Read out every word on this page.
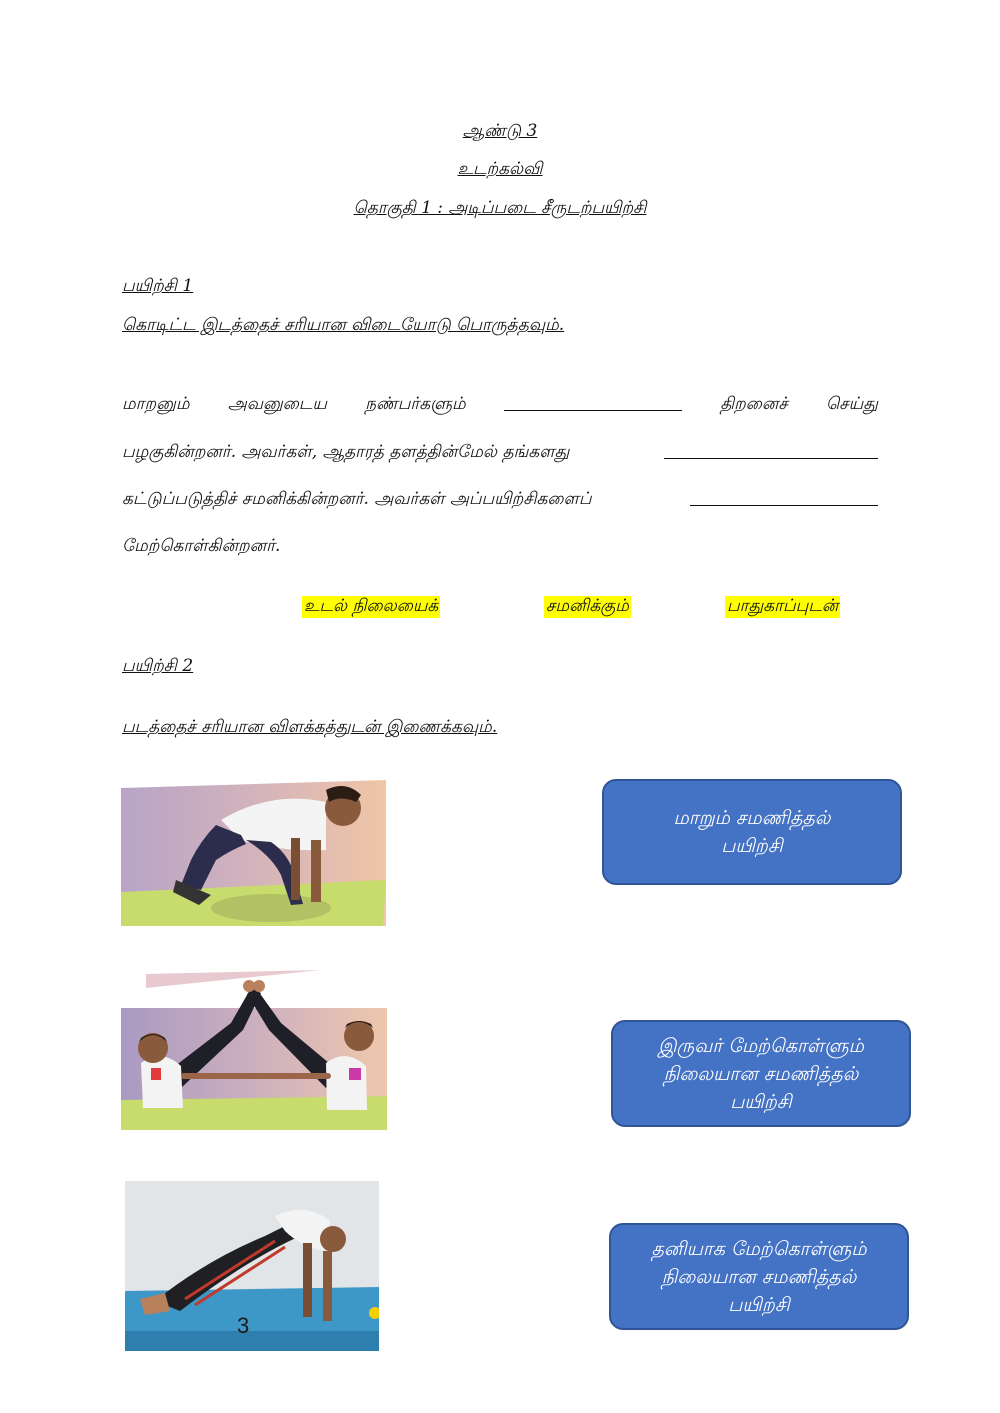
ஆண்டு 3
உடற்கல்வி
தொகுதி 1 : அடிப்படை சீருடற்பயிற்சி
பயிற்சி 1
கொடிட்ட இடத்தைச் சரியான விடையோடு பொருத்தவும்.
மாறனும் அவனுடைய நண்பர்களும்	திறனைச் செய்து
பழகுகின்றனர். அவர்கள், ஆதாரத் தளத்தின்மேல் தங்களது
கட்டுப்படுத்திச் சமனிக்கின்றனர். அவர்கள் அப்பயிற்சிகளைப்
மேற்கொள்கின்றனர்.
உடல் நிலையைக்	சமனிக்கும்	பாதுகாப்புடன்
பயிற்சி 2
படத்தைச் சரியான விளக்கத்துடன் இணைக்கவும்.
3
மாறும் சமணித்தல்
பயிற்சி
இருவர் மேற்கொள்ளும்
நிலையான சமணித்தல்
பயிற்சி
தனியாக மேற்கொள்ளும்
நிலையான சமணித்தல்
பயிற்சி
